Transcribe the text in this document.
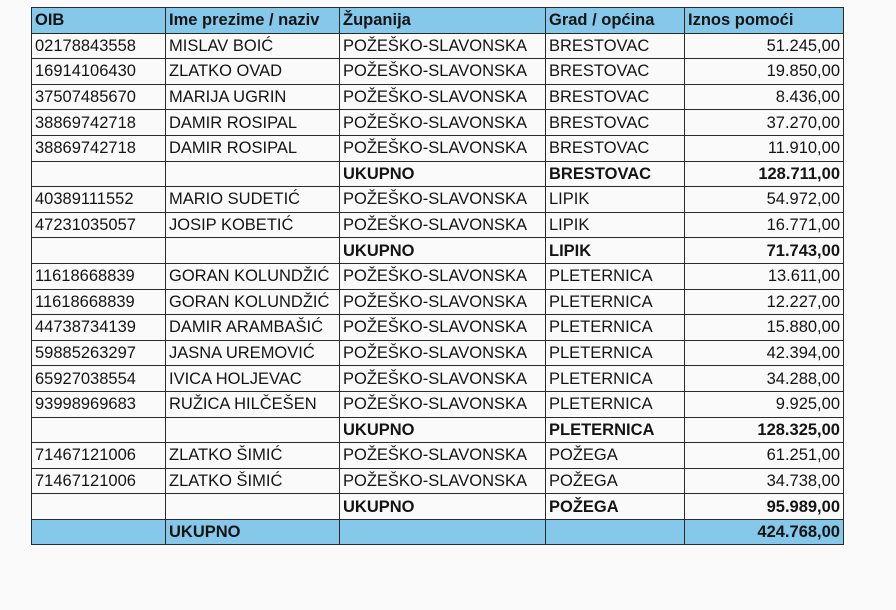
OIB	Ime prezime / naziv	Županija	Grad / općina	Iznos pomoći
02178843558	MISLAV BOIĆ	POŽEŠKO-SLAVONSKA	BRESTOVAC	51.245,00
16914106430	ZLATKO OVAD	POŽEŠKO-SLAVONSKA	BRESTOVAC	19.850,00
37507485670	MARIJA UGRIN	POŽEŠKO-SLAVONSKA	BRESTOVAC	8.436,00
38869742718	DAMIR ROSIPAL	POŽEŠKO-SLAVONSKA	BRESTOVAC	37.270,00
38869742718	DAMIR ROSIPAL	POŽEŠKO-SLAVONSKA	BRESTOVAC	11.910,00
		UKUPNO	BRESTOVAC	128.711,00
40389111552	MARIO SUDETIĆ	POŽEŠKO-SLAVONSKA	LIPIK	54.972,00
47231035057	JOSIP KOBETIĆ	POŽEŠKO-SLAVONSKA	LIPIK	16.771,00
		UKUPNO	LIPIK	71.743,00
11618668839	GORAN KOLUNDŽIĆ	POŽEŠKO-SLAVONSKA	PLETERNICA	13.611,00
11618668839	GORAN KOLUNDŽIĆ	POŽEŠKO-SLAVONSKA	PLETERNICA	12.227,00
44738734139	DAMIR ARAMBAŠIĆ	POŽEŠKO-SLAVONSKA	PLETERNICA	15.880,00
59885263297	JASNA UREMOVIĆ	POŽEŠKO-SLAVONSKA	PLETERNICA	42.394,00
65927038554	IVICA HOLJEVAC	POŽEŠKO-SLAVONSKA	PLETERNICA	34.288,00
93998969683	RUŽICA HILČEŠEN	POŽEŠKO-SLAVONSKA	PLETERNICA	9.925,00
		UKUPNO	PLETERNICA	128.325,00
71467121006	ZLATKO ŠIMIĆ	POŽEŠKO-SLAVONSKA	POŽEGA	61.251,00
71467121006	ZLATKO ŠIMIĆ	POŽEŠKO-SLAVONSKA	POŽEGA	34.738,00
		UKUPNO	POŽEGA	95.989,00
	UKUPNO			424.768,00
